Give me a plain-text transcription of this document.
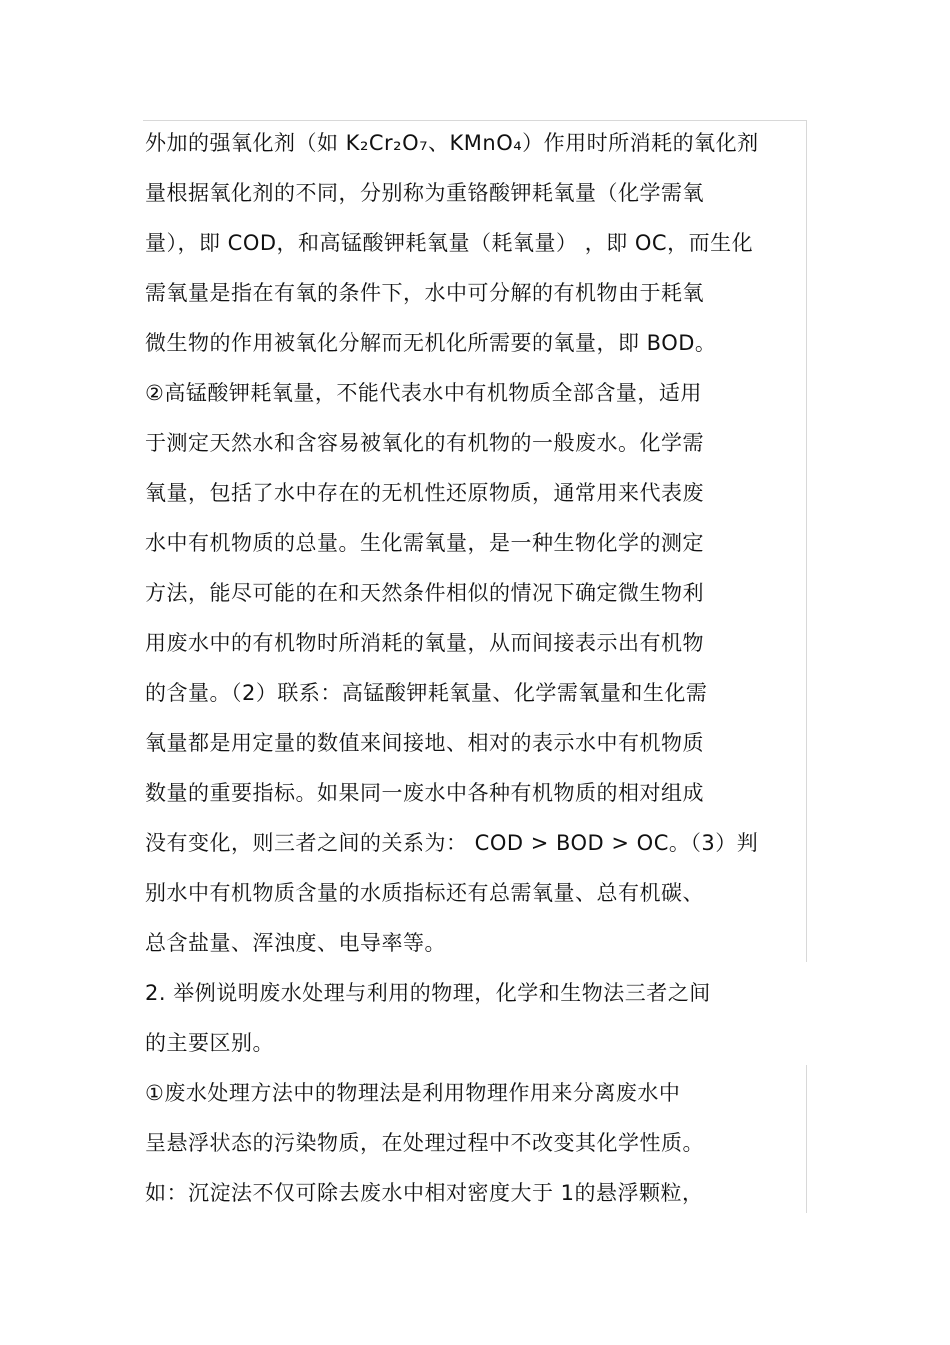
外加的强氧化剂（如 K₂Cr₂O₇、KMnO₄）作用时所消耗的氧化剂
量根据氧化剂的不同，分别称为重铬酸钾耗氧量（化学需氧
量），即 COD，和高锰酸钾耗氧量（耗氧量） ，即 OC，而生化
需氧量是指在有氧的条件下，水中可分解的有机物由于耗氧
微生物的作用被氧化分解而无机化所需要的氧量，即 BOD。
②高锰酸钾耗氧量，不能代表水中有机物质全部含量，适用
于测定天然水和含容易被氧化的有机物的一般废水。化学需
氧量，包括了水中存在的无机性还原物质，通常用来代表废
水中有机物质的总量。生化需氧量，是一种生物化学的测定
方法，能尽可能的在和天然条件相似的情况下确定微生物利
用废水中的有机物时所消耗的氧量，从而间接表示出有机物
的含量。（2）联系：高锰酸钾耗氧量、化学需氧量和生化需
氧量都是用定量的数值来间接地、相对的表示水中有机物质
数量的重要指标。如果同一废水中各种有机物质的相对组成
没有变化，则三者之间的关系为： COD > BOD > OC。（3）判
别水中有机物质含量的水质指标还有总需氧量、总有机碳、
总含盐量、浑浊度、电导率等。
2. 举例说明废水处理与利用的物理，化学和生物法三者之间
的主要区别。
①废水处理方法中的物理法是利用物理作用来分离废水中
呈悬浮状态的污染物质，在处理过程中不改变其化学性质。
如：沉淀法不仅可除去废水中相对密度大于 1的悬浮颗粒，
